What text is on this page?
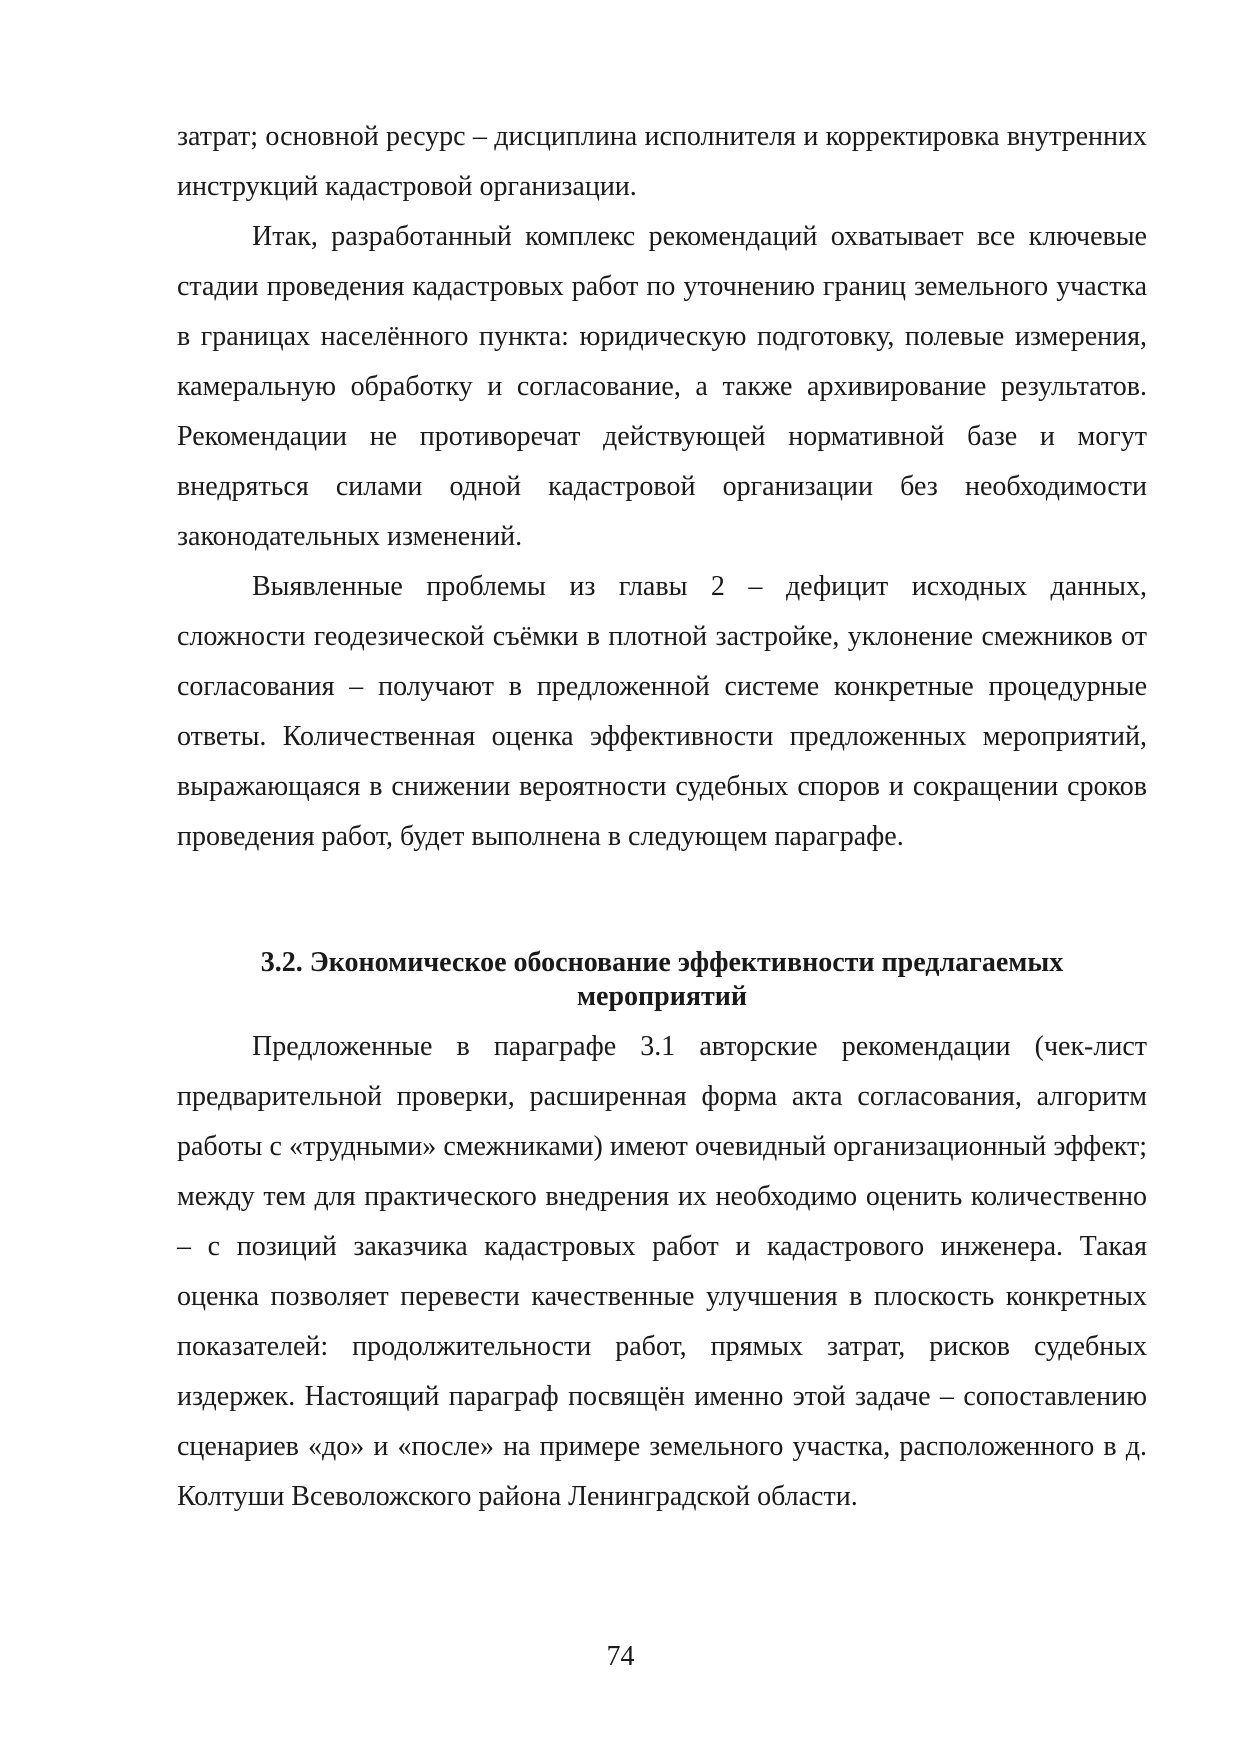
затрат; основной ресурс – дисциплина исполнителя и корректировка внутренних инструкций кадастровой организации.

Итак, разработанный комплекс рекомендаций охватывает все ключевые стадии проведения кадастровых работ по уточнению границ земельного участка в границах населённого пункта: юридическую подготовку, полевые измерения, камеральную обработку и согласование, а также архивирование результатов. Рекомендации не противоречат действующей нормативной базе и могут внедряться силами одной кадастровой организации без необходимости законодательных изменений.

Выявленные проблемы из главы 2 – дефицит исходных данных, сложности геодезической съёмки в плотной застройке, уклонение смежников от согласования – получают в предложенной системе конкретные процедурные ответы. Количественная оценка эффективности предложенных мероприятий, выражающаяся в снижении вероятности судебных споров и сокращении сроков проведения работ, будет выполнена в следующем параграфе.

3.2. Экономическое обоснование эффективности предлагаемых
мероприятий

Предложенные в параграфе 3.1 авторские рекомендации (чек-лист предварительной проверки, расширенная форма акта согласования, алгоритм работы с «трудными» смежниками) имеют очевидный организационный эффект; между тем для практического внедрения их необходимо оценить количественно – с позиций заказчика кадастровых работ и кадастрового инженера. Такая оценка позволяет перевести качественные улучшения в плоскость конкретных показателей: продолжительности работ, прямых затрат, рисков судебных издержек. Настоящий параграф посвящён именно этой задаче – сопоставлению сценариев «до» и «после» на примере земельного участка, расположенного в д. Колтуши Всеволожского района Ленинградской области.

74
